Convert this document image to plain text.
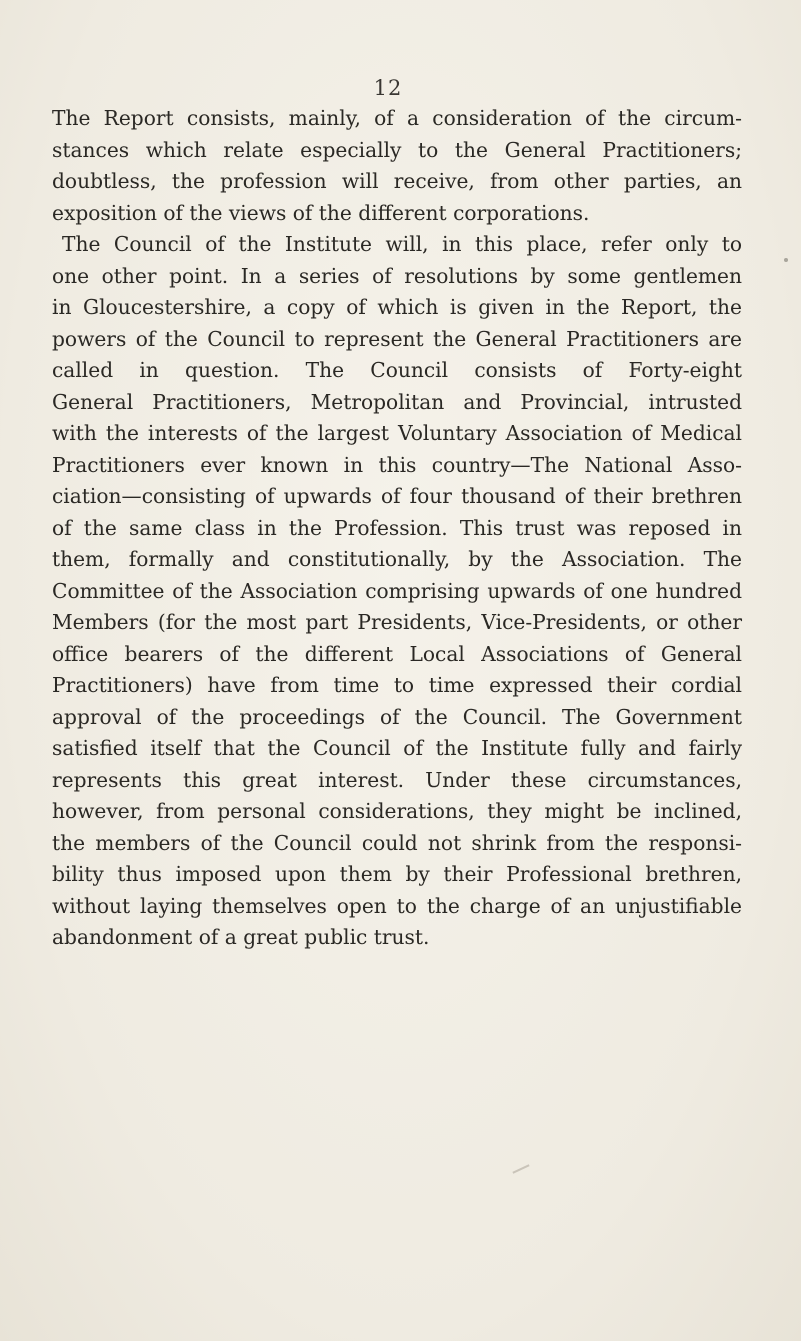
12
The Report consists, mainly, of a consideration of the circum-
stances which relate especially to the General Practitioners;
doubtless, the profession will receive, from other parties, an
exposition of the views of the different corporations.
The Council of the Institute will, in this place, refer only to
one other point. In a series of resolutions by some gentlemen
in Gloucestershire, a copy of which is given in the Report, the
powers of the Council to represent the General Practitioners are
called in question. The Council consists of Forty-eight
General Practitioners, Metropolitan and Provincial, intrusted
with the interests of the largest Voluntary Association of Medical
Practitioners ever known in this country—The National Asso-
ciation—consisting of upwards of four thousand of their brethren
of the same class in the Profession. This trust was reposed in
them, formally and constitutionally, by the Association. The
Committee of the Association comprising upwards of one hundred
Members (for the most part Presidents, Vice-Presidents, or other
office bearers of the different Local Associations of General
Practitioners) have from time to time expressed their cordial
approval of the proceedings of the Council. The Government
satisfied itself that the Council of the Institute fully and fairly
represents this great interest. Under these circumstances,
however, from personal considerations, they might be inclined,
the members of the Council could not shrink from the responsi-
bility thus imposed upon them by their Professional brethren,
without laying themselves open to the charge of an unjustifiable
abandonment of a great public trust.
